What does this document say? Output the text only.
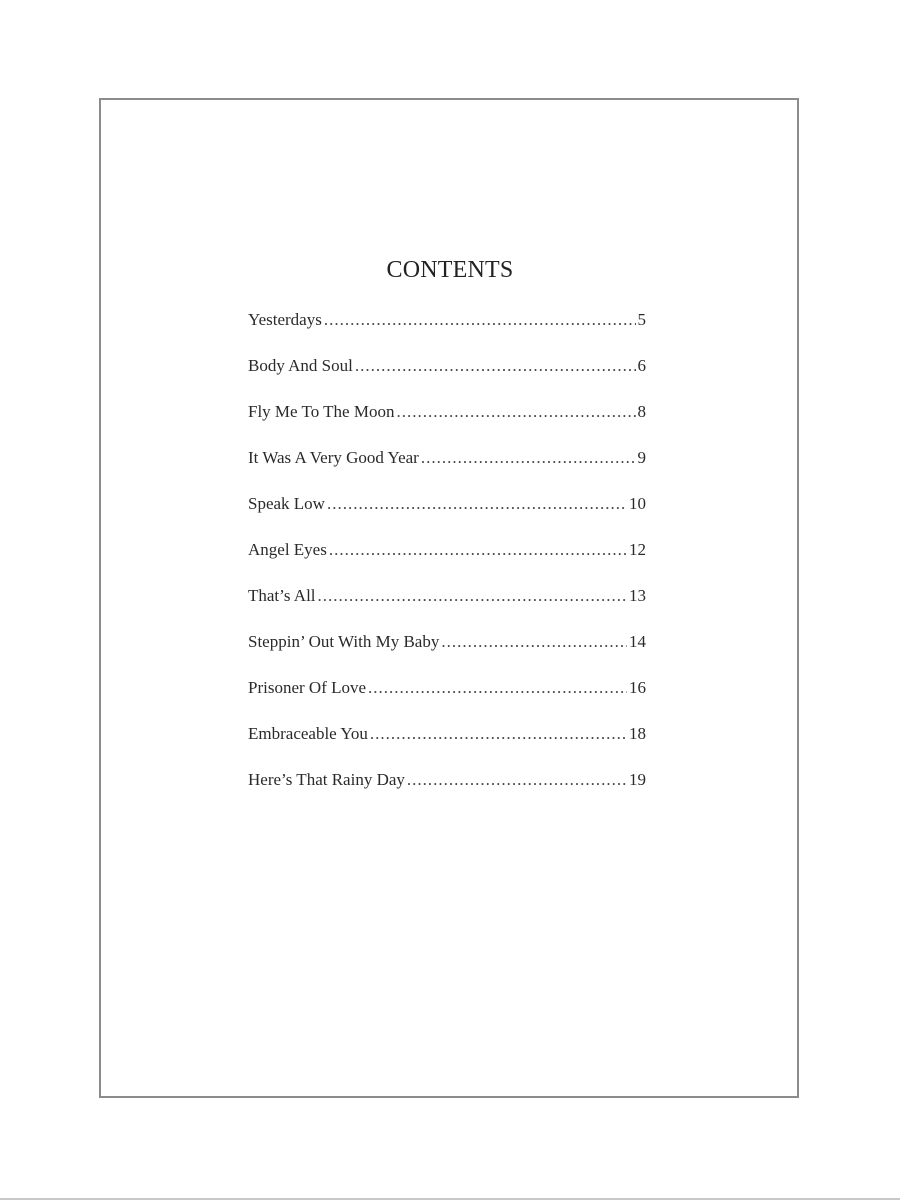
CONTENTS
Yesterdays .....	5
Body And Soul .....	6
Fly Me To The Moon .....	8
It Was A Very Good Year .....	9
Speak Low .....	10
Angel Eyes .....	12
That’s All .....	13
Steppin’ Out With My Baby .....	14
Prisoner Of Love .....	16
Embraceable You .....	18
Here’s That Rainy Day .....	19
